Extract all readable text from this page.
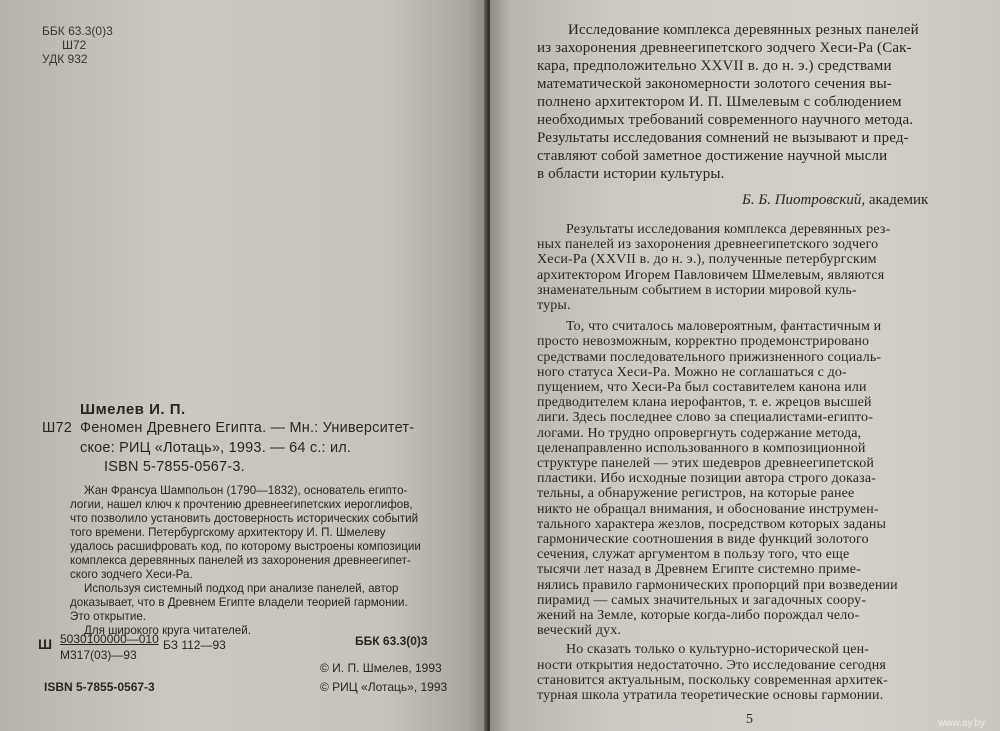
ББК 63.3(0)3
Ш72
УДК 932
Шмелев И. П.
Ш72 Феномен Древнего Египта. — Мн.: Университет-
ское: РИЦ «Лотаць», 1993. — 64 с.: ил.
ISBN 5-7855-0567-3.
Жан Франсуа Шампольон (1790—1832), основатель египто-
логии, нашел ключ к прочтению древнеегипетских иероглифов,
что позволило установить достоверность исторических событий
того времени. Петербургскому архитектору И. П. Шмелеву
удалось расшифровать код, по которому выстроены композиции
комплекса деревянных панелей из захоронения древнеегипет-
ского зодчего Хеси-Ра.
Используя системный подход при анализе панелей, автор
доказывает, что в Древнем Египте владели теорией гармонии.
Это открытие.
Для широкого круга читателей.
Ш 5030100000—010
М317(03)—93
БЗ 112—93	ББК 63.3(0)3
© И. П. Шмелев, 1993
© РИЦ «Лотаць», 1993
ISBN 5-7855-0567-3
Исследование комплекса деревянных резных панелей
из захоронения древнеегипетского зодчего Хеси-Ра (Сак-
кара, предположительно XXVII в. до н. э.) средствами
математической закономерности золотого сечения вы-
полнено архитектором И. П. Шмелевым с соблюдением
необходимых требований современного научного метода.
Результаты исследования сомнений не вызывают и пред-
ставляют собой заметное достижение научной мысли
в области истории культуры.
Б. Б. Пиотровский, академик
Результаты исследования комплекса деревянных рез-
ных панелей из захоронения древнеегипетского зодчего
Хеси-Ра (XXVII в. до н. э.), полученные петербургским
архитектором Игорем Павловичем Шмелевым, являются
знаменательным событием в истории мировой куль-
туры.
То, что считалось маловероятным, фантастичным и
просто невозможным, корректно продемонстрировано
средствами последовательного прижизненного социаль-
ного статуса Хеси-Ра. Можно не соглашаться с до-
пущением, что Хеси-Ра был составителем канона или
предводителем клана иерофантов, т. е. жрецов высшей
лиги. Здесь последнее слово за специалистами-египто-
логами. Но трудно опровергнуть содержание метода,
целенаправленно использованного в композиционной
структуре панелей — этих шедевров древнеегипетской
пластики. Ибо исходные позиции автора строго доказа-
тельны, а обнаружение регистров, на которые ранее
никто не обращал внимания, и обоснование инструмен-
тального характера жезлов, посредством которых заданы
гармонические соотношения в виде функций золотого
сечения, служат аргументом в пользу того, что еще
тысячи лет назад в Древнем Египте системно приме-
нялись правило гармонических пропорций при возведении
пирамид — самых значительных и загадочных соору-
жений на Земле, которые когда-либо порождал чело-
веческий дух.
5	www.ay.by
Но сказать только о культурно-исторической цен-
ности открытия недостаточно. Это исследование сегодня
становится актуальным, поскольку современная архитек-
турная школа утратила теоретические основы гармонии.
